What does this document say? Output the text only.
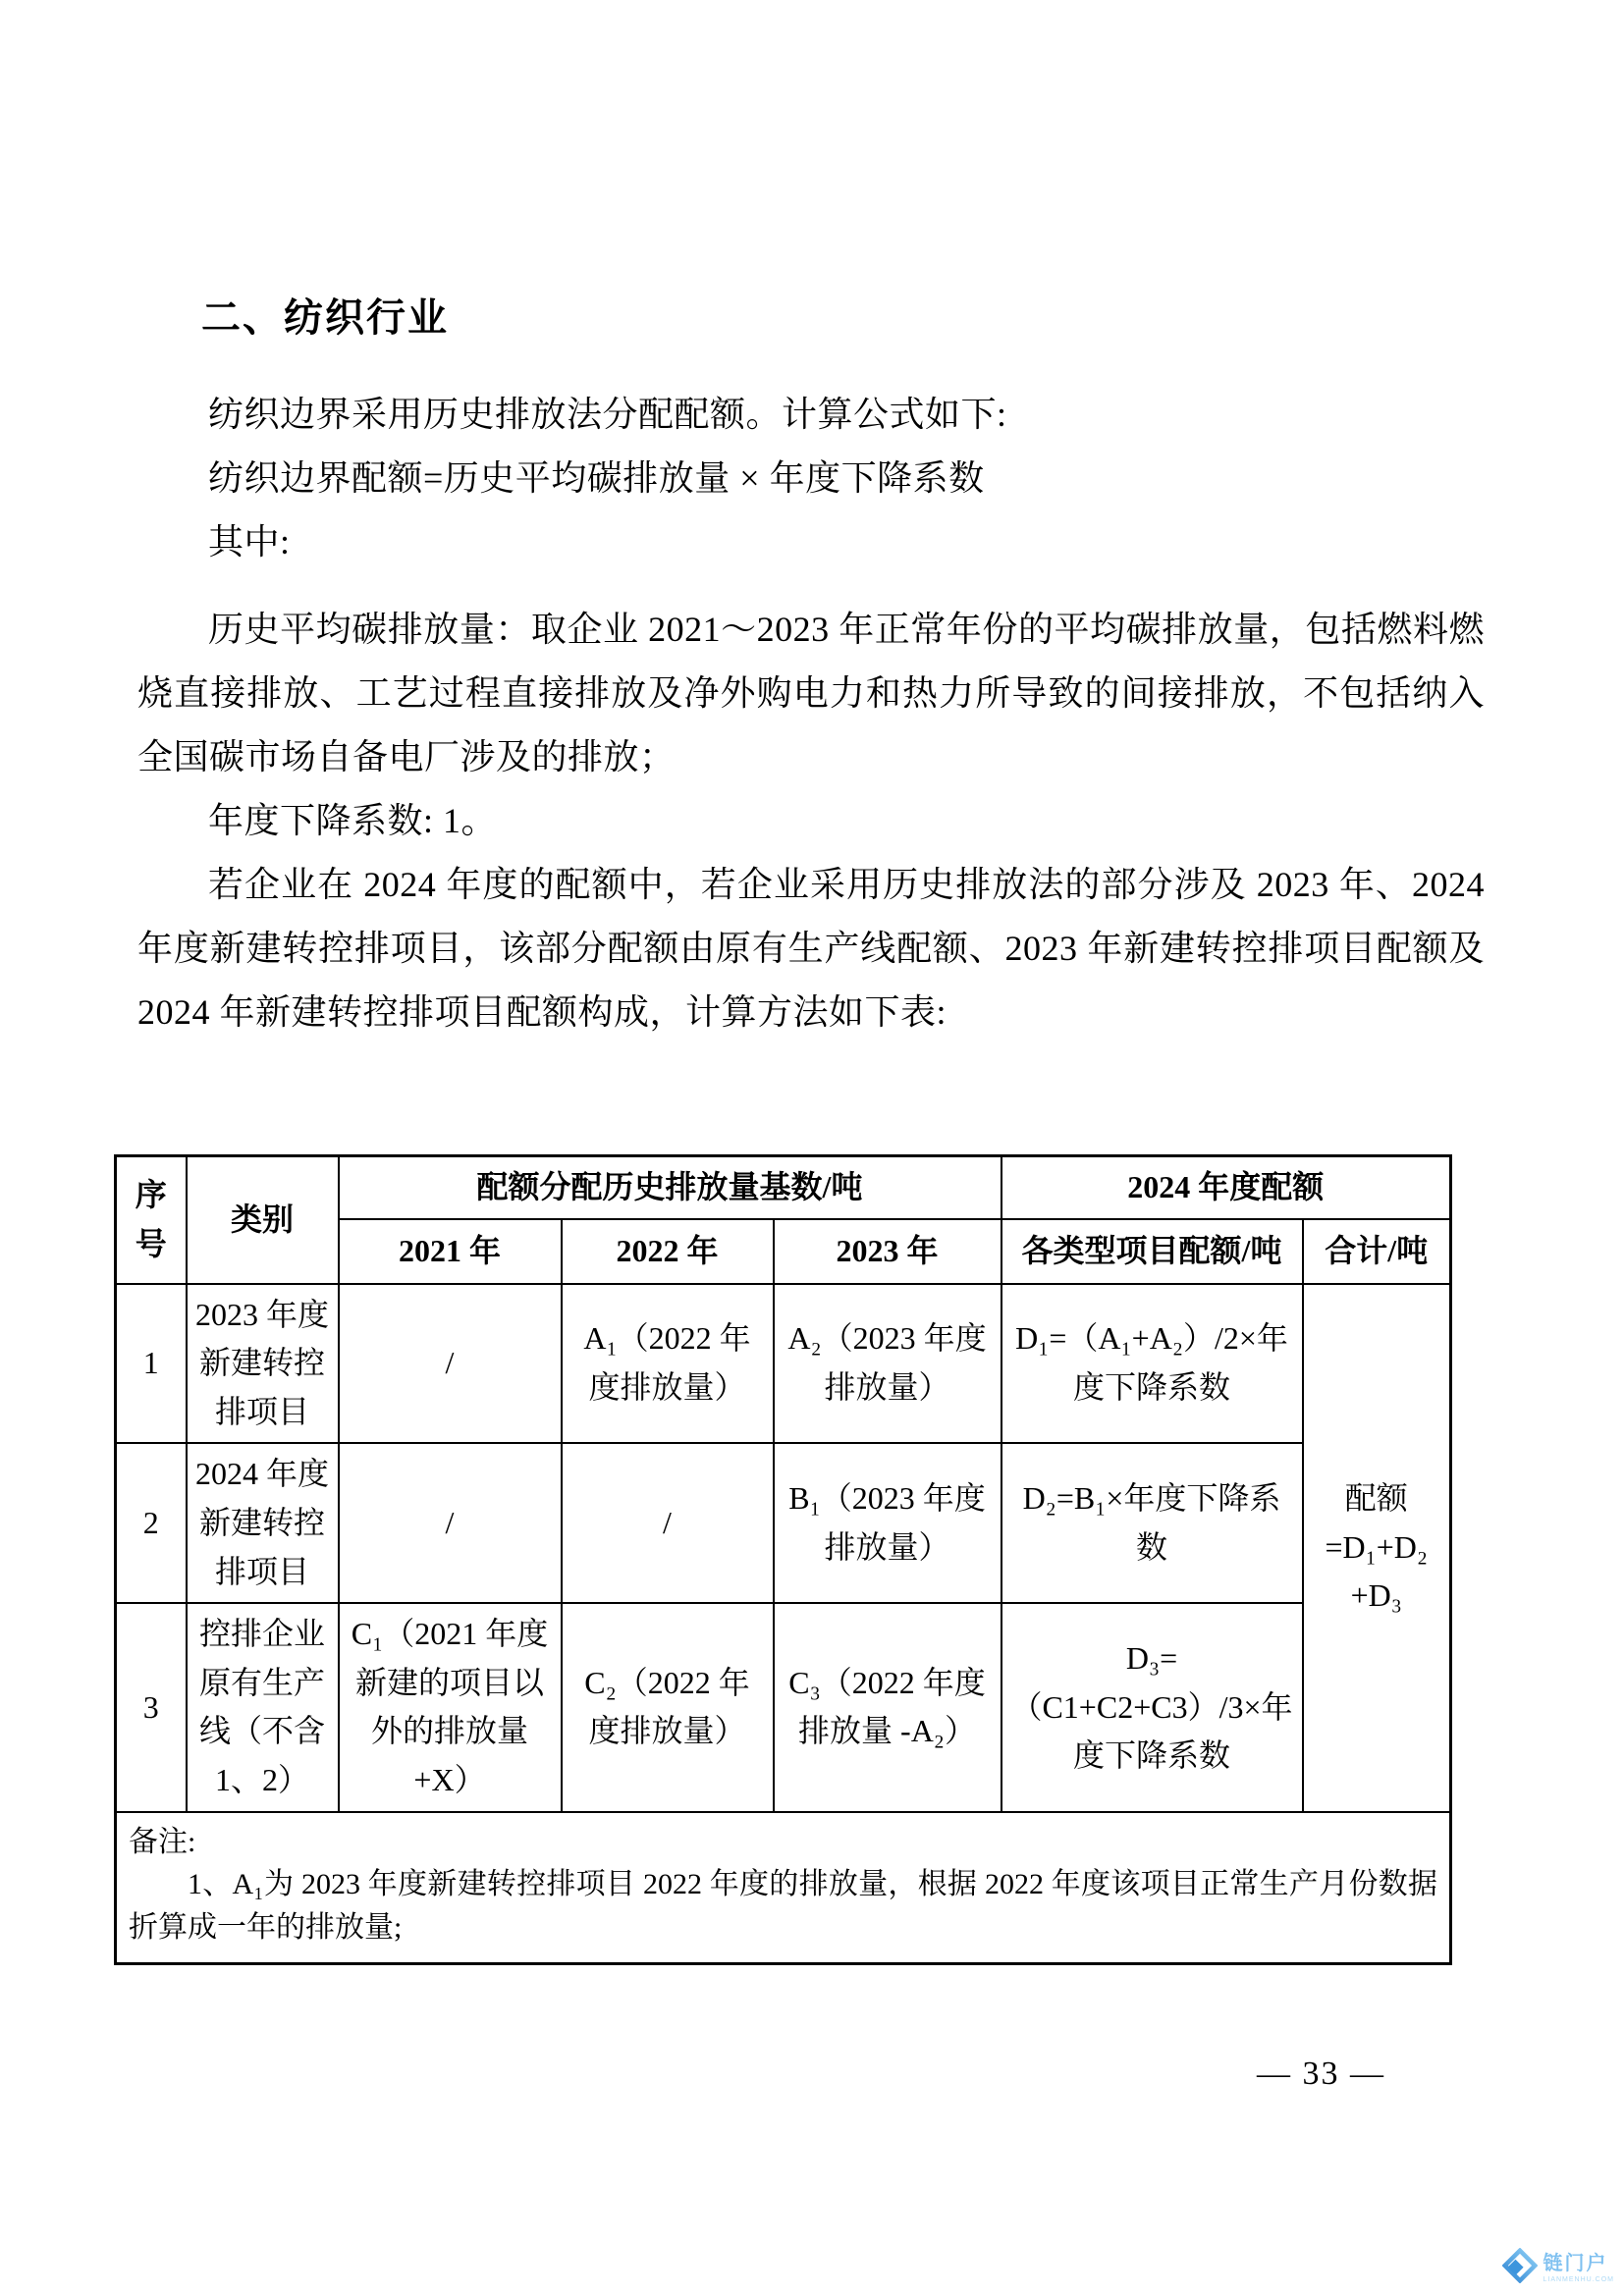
二、纺织行业

纺织边界采用历史排放法分配配额。计算公式如下:

纺织边界配额=历史平均碳排放量 × 年度下降系数

其中:

历史平均碳排放量：取企业 2021～2023 年正常年份的平均碳排放量，包括燃料燃烧直接排放、工艺过程直接排放及净外购电力和热力所导致的间接排放，不包括纳入全国碳市场自备电厂涉及的排放；

年度下降系数: 1。

若企业在 2024 年度的配额中，若企业采用历史排放法的部分涉及 2023 年、2024 年度新建转控排项目，该部分配额由原有生产线配额、2023 年新建转控排项目配额及 2024 年新建转控排项目配额构成，计算方法如下表:

序号	类别	配额分配历史排放量基数/吨			2024 年度配额	
		2021 年	2022 年	2023 年	各类型项目配额/吨	合计/吨
1	2023 年度新建转控排项目	/	A₁（2022 年度排放量）	A₂（2023 年度排放量）	D₁=（A₁+A₂）/2×年度下降系数	配额 =D₁+D₂ +D₃
2	2024 年度新建转控排项目	/	/	B₁（2023 年度排放量）	D₂=B₁×年度下降系数	
3	控排企业原有生产线（不含 1、2）	C₁（2021 年度新建的项目以外的排放量+X）	C₂（2022 年度排放量）	C₃（2022 年度排放量 -A₂）	D₃=（C1+C2+C3）/3×年度下降系数	

备注:
1、A₁为 2023 年度新建转控排项目 2022 年度的排放量，根据 2022 年度该项目正常生产月份数据折算成一年的排放量;						
— 33 —
链门户
LIANMENHU.COM
